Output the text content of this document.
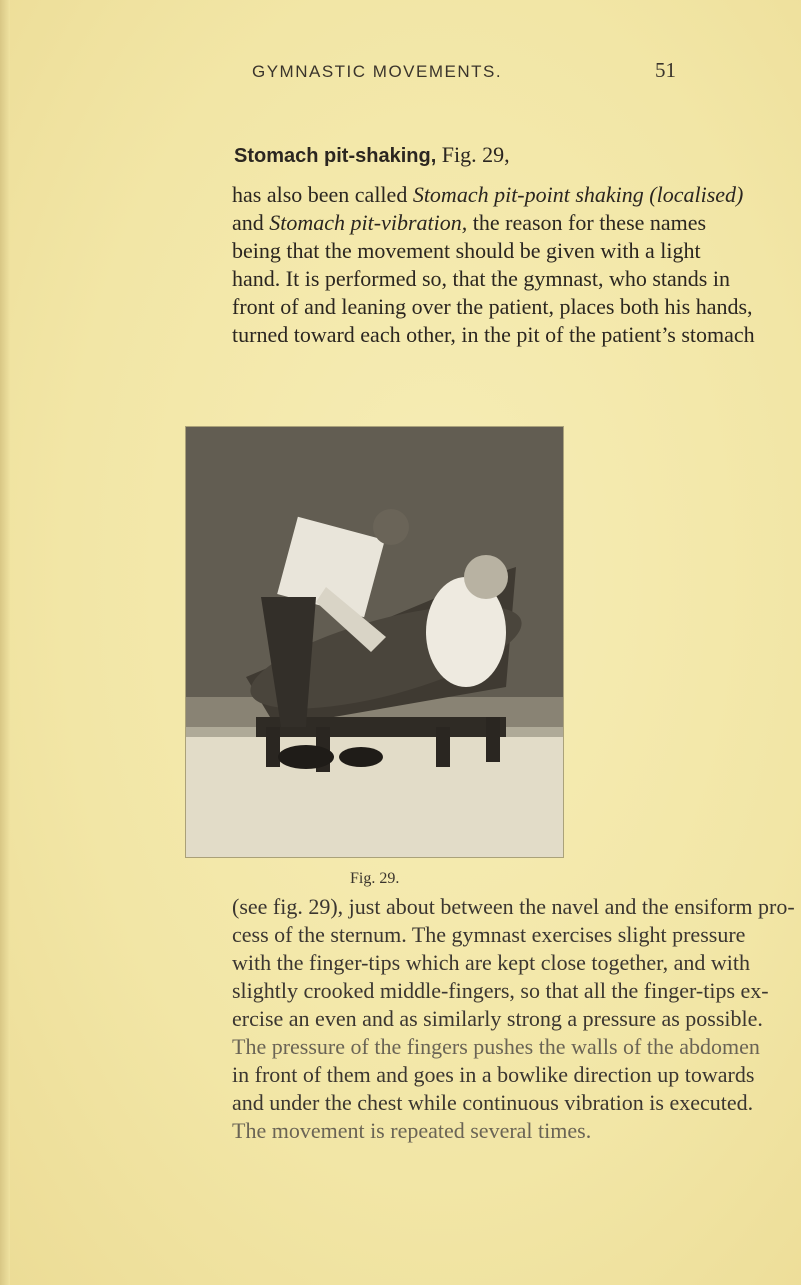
GYMNASTIC MOVEMENTS.	51
Stomach pit-shaking, Fig. 29,

has also been called Stomach pit-point shaking (localised)
and Stomach pit-vibration, the reason for these names
being that the movement should be given with a light
hand. It is performed so, that the gymnast, who stands in
front of and leaning over the patient, places both his hands,
turned toward each other, in the pit of the patient’s stomach

Fig. 29.

(see fig. 29), just about between the navel and the ensiform pro-
cess of the sternum. The gymnast exercises slight pressure
with the finger-tips which are kept close together, and with
slightly crooked middle-fingers, so that all the finger-tips ex-
ercise an even and as similarly strong a pressure as possible.
The pressure of the fingers pushes the walls of the abdomen
in front of them and goes in a bowlike direction up towards
and under the chest while continuous vibration is executed.
The movement is repeated several times.
